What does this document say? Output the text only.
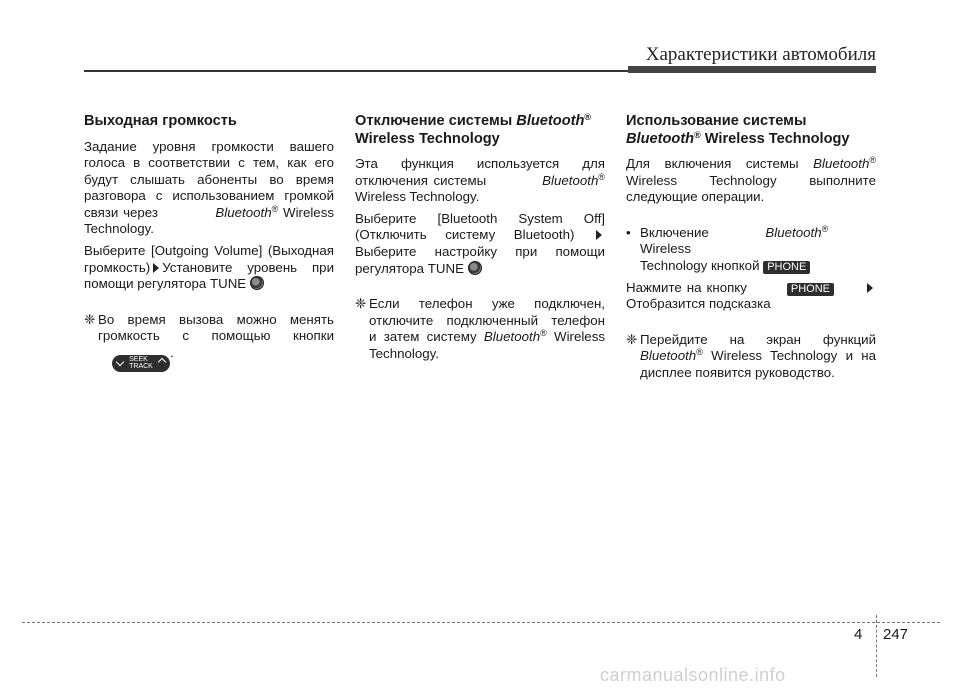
Характеристики автомобиля
Выходная громкость

Задание уровня громкости вашего
голоса в соответствии с тем, как его
будут слышать абоненты во время
разговора с использованием громкой
связи через	Bluetooth® Wireless
Technology.

Выберите [Outgoing Volume] (Выходная
громкость) Установите уровень при
помощи регулятора TUNE

❈ Во время вызова можно менять
громкость с помощью кнопки
SEEK
TRACK
.
Отключение системы Bluetooth®
Wireless Technology

Эта функция используется для
отключения системы	Bluetooth®
Wireless Technology.

Выберите [Bluetooth System Off]
(Отключить систему Bluetooth)
Выберите настройку при помощи
регулятора TUNE

❈ Если телефон уже подключен,
отключите подключенный телефон
и затем систему Bluetooth® Wireless
Technology.
Использование системы
Bluetooth® Wireless Technology

Для включения системы Bluetooth®
Wireless Technology выполните
следующие операции.

• Включение	Bluetooth®         Wireless
Technology кнопкой PHONE

Нажмите на кнопку	PHONE
Отобразится подсказка

❈ Перейдите на экран функций
Bluetooth® Wireless Technology и на
дисплее появится руководство.
4 247
carmanualsonline.info
